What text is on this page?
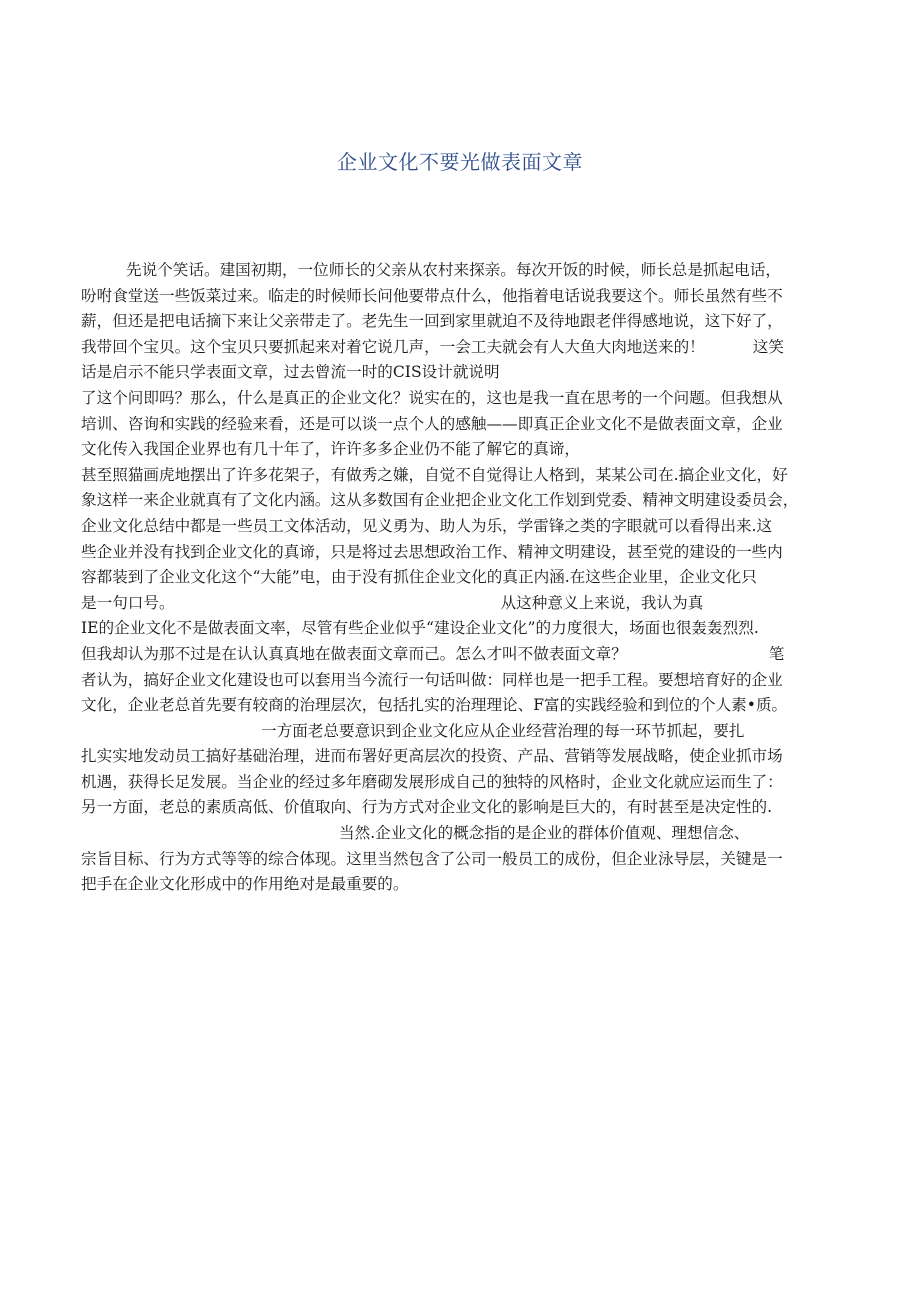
企业文化不要光做表面文章
先说个笑话。建国初期，一位师长的父亲从农村来探亲。每次开饭的时候，师长总是抓起电话，
吩咐食堂送一些饭菜过来。临走的时候师长问他要带点什么，他指着电话说我要这个。师长虽然有些不
薪，但还是把电话摘下来让父亲带走了。老先生一回到家里就迫不及待地跟老伴得感地说，这下好了，
我带回个宝贝。这个宝贝只要抓起来对着它说几声，一会工夫就会有人大鱼大肉地送来的！	这笑
话是启示不能只学表面文章，过去曾流一时的CIS设计就说明
了这个问即吗？那么，什么是真正的企业文化？说实在的，这也是我一直在思考的一个问题。但我想从
培训、咨询和实践的经验来看，还是可以谈一点个人的感触——即真正企业文化不是做表面文章，企业
文化传入我国企业界也有几十年了，许许多多企业仍不能了解它的真谛，
甚至照猫画虎地摆出了许多花架子，有做秀之嫌，自觉不自觉得让人格到，某某公司在.搞企业文化，好
象这样一来企业就真有了文化内涵。这从多数国有企业把企业文化工作划到党委、精神文明建设委员会，
企业文化总结中都是一些员工文体活动，见义勇为、助人为乐，学雷锋之类的字眼就可以看得出来.这
些企业并没有找到企业文化的真谛，只是将过去思想政治工作、精神文明建设，甚至党的建设的一些内
容都装到了企业文化这个“大能”电，由于没有抓住企业文化的真正内涵.在这些企业里，企业文化只
是一句口号。	从这种意义上来说，我认为真
IE的企业文化不是做表面文率，尽管有些企业似乎“建设企业文化”的力度很大，场面也很轰轰烈烈.
但我却认为那不过是在认认真真地在做表面文章而己。怎么才叫不做表面文章？	笔
者认为，搞好企业文化建设也可以套用当今流行一句话叫做：同样也是一把手工程。要想培育好的企业
文化，企业老总首先要有较商的治理层次，包括扎实的治理理论、F富的实践经验和到位的个人素•质。
一方面老总要意识到企业文化应从企业经营治理的每一环节抓起，要扎
扎实实地发动员工搞好基础治理，进而布署好更高层次的投资、产品、营销等发展战略，使企业抓市场
机遇，获得长足发展。当企业的经过多年磨砌发展形成自己的独特的风格时，企业文化就应运而生了：
另一方面，老总的素质高低、价值取向、行为方式对企业文化的影响是巨大的，有时甚至是决定性的.
当然.企业文化的概念指的是企业的群体价值观、理想信念、
宗旨目标、行为方式等等的综合体现。这里当然包含了公司一般员工的成份，但企业泳导层，关键是一
把手在企业文化形成中的作用绝对是最重要的。
